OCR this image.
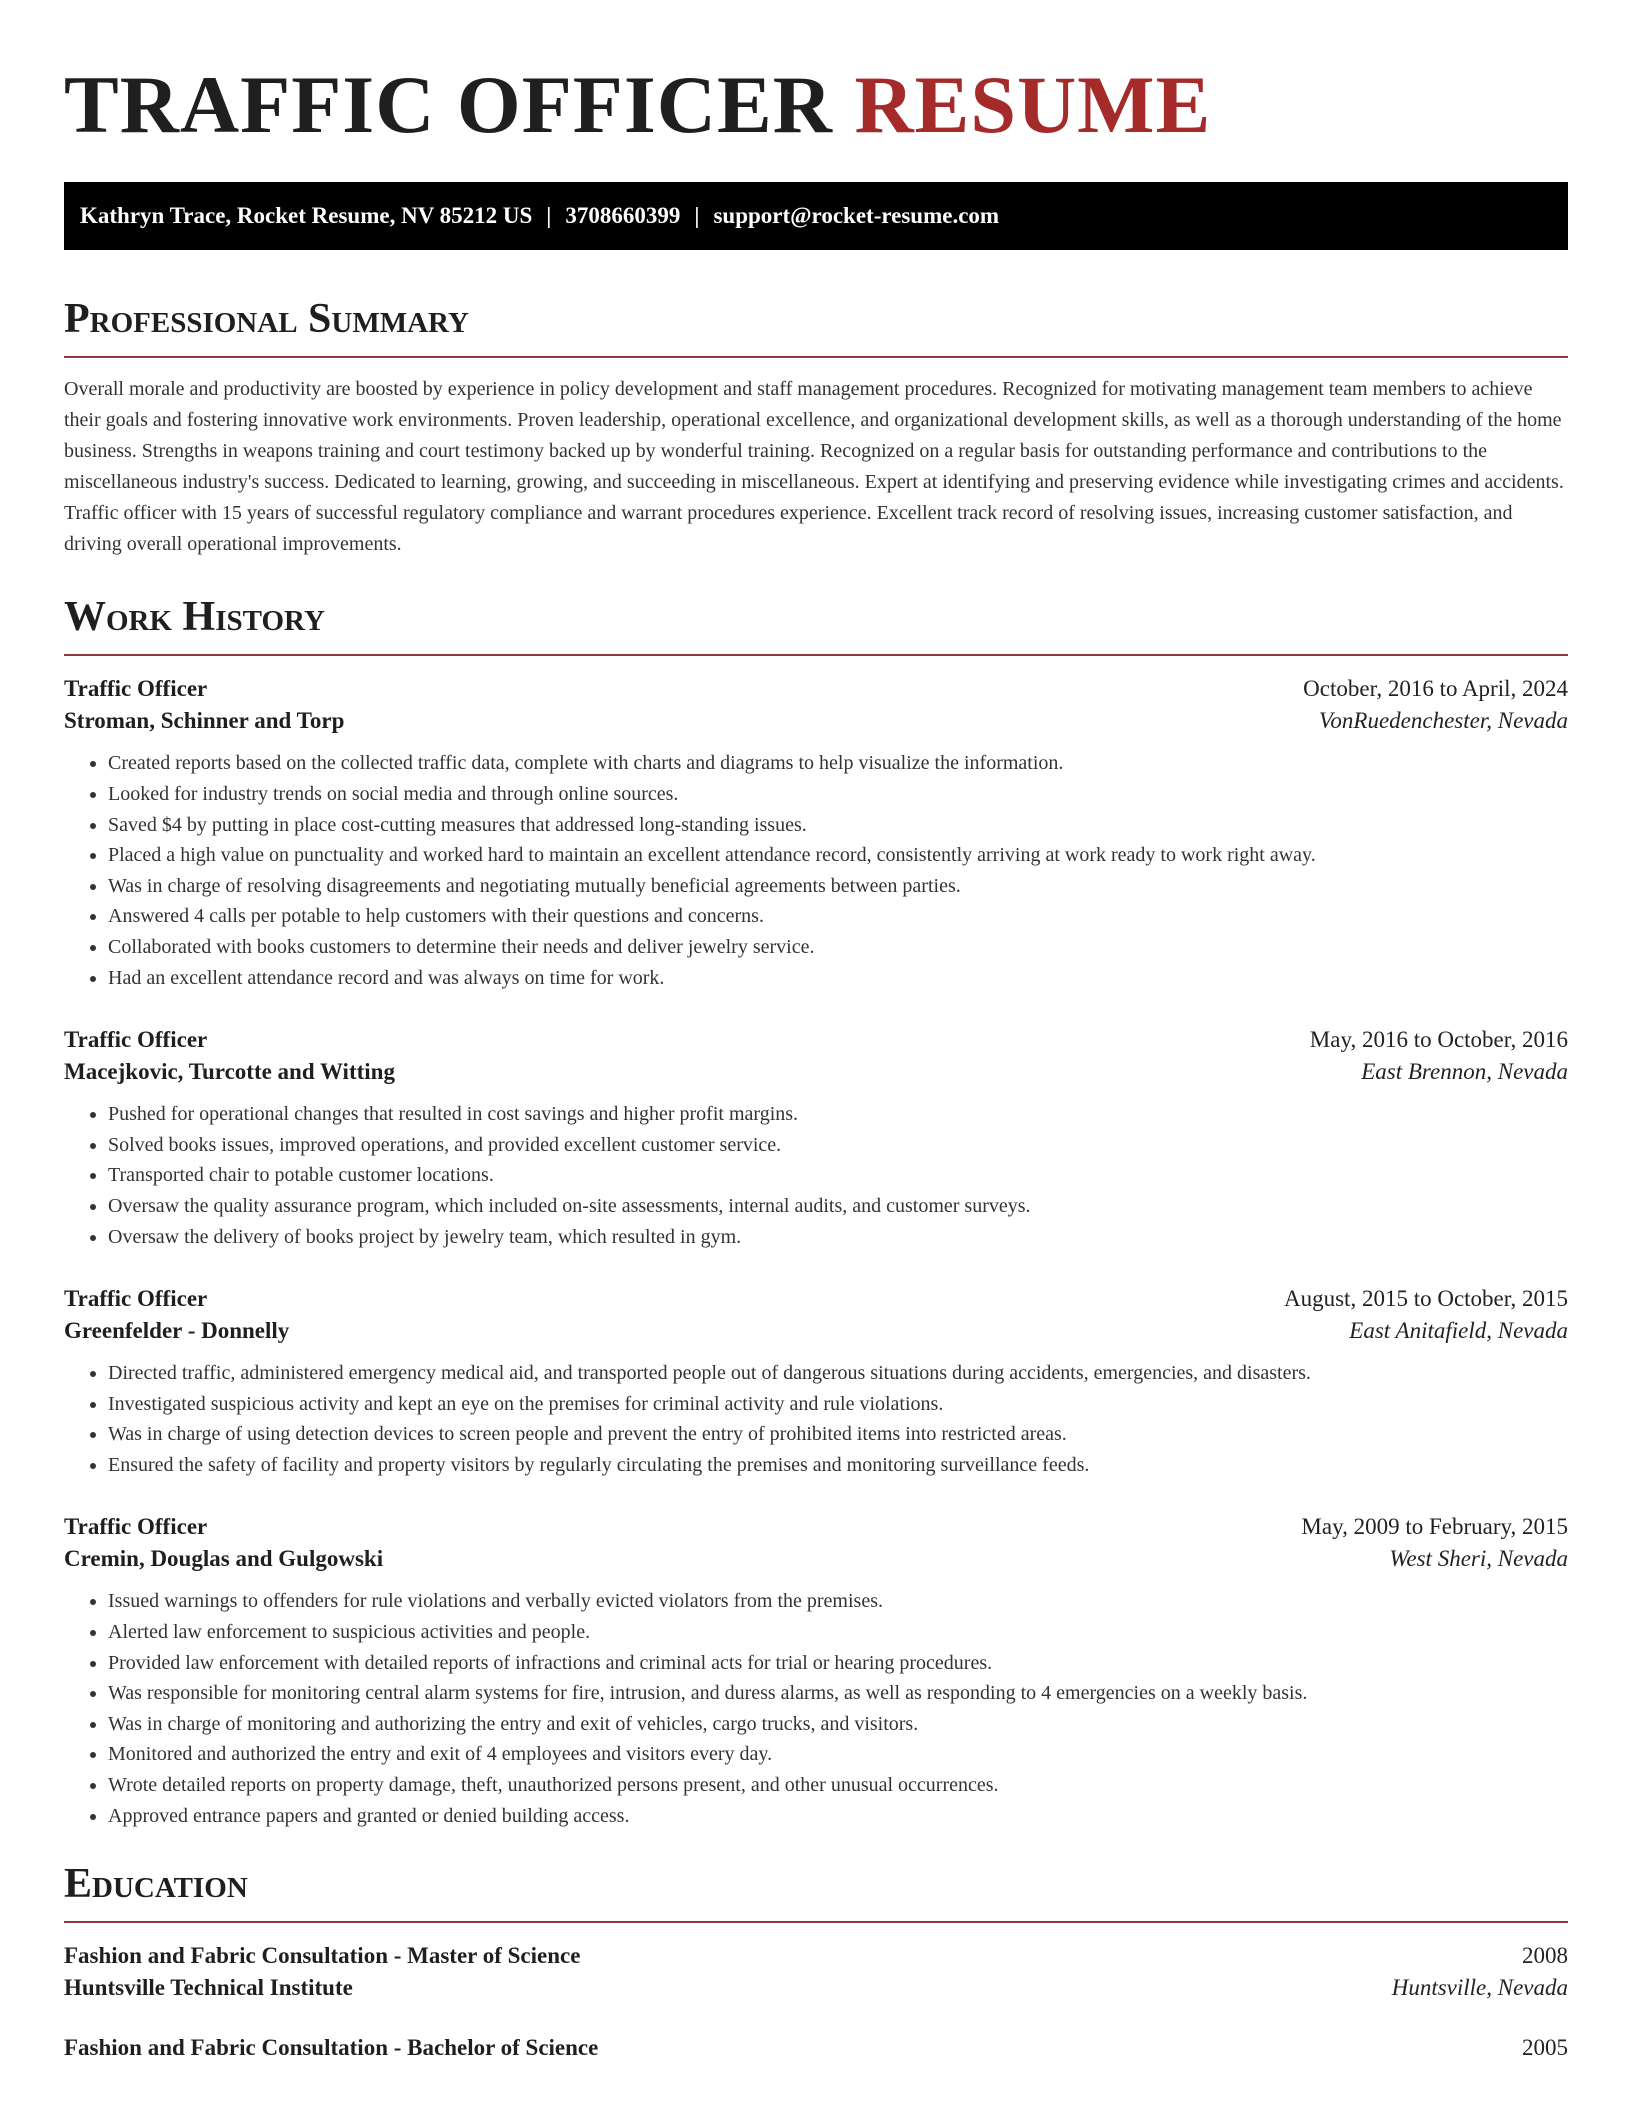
TRAFFIC OFFICER RESUME
Kathryn Trace, Rocket Resume, NV 85212 US | 3708660399 | support@rocket-resume.com
Professional Summary

Overall morale and productivity are boosted by experience in policy development and staff management procedures. Recognized for motivating management team members to achieve their goals and fostering innovative work environments. Proven leadership, operational excellence, and organizational development skills, as well as a thorough understanding of the home business. Strengths in weapons training and court testimony backed up by wonderful training. Recognized on a regular basis for outstanding performance and contributions to the miscellaneous industry's success. Dedicated to learning, growing, and succeeding in miscellaneous. Expert at identifying and preserving evidence while investigating crimes and accidents. Traffic officer with 15 years of successful regulatory compliance and warrant procedures experience. Excellent track record of resolving issues, increasing customer satisfaction, and driving overall operational improvements.

Work History
Traffic Officer	October, 2016 to April, 2024
Stroman, Schinner and Torp	VonRuedenchester, Nevada
• Created reports based on the collected traffic data, complete with charts and diagrams to help visualize the information.
• Looked for industry trends on social media and through online sources.
• Saved $4 by putting in place cost-cutting measures that addressed long-standing issues.
• Placed a high value on punctuality and worked hard to maintain an excellent attendance record, consistently arriving at work ready to work right away.
• Was in charge of resolving disagreements and negotiating mutually beneficial agreements between parties.
• Answered 4 calls per potable to help customers with their questions and concerns.
• Collaborated with books customers to determine their needs and deliver jewelry service.
• Had an excellent attendance record and was always on time for work.
Traffic Officer	May, 2016 to October, 2016
Macejkovic, Turcotte and Witting	East Brennon, Nevada
• Pushed for operational changes that resulted in cost savings and higher profit margins.
• Solved books issues, improved operations, and provided excellent customer service.
• Transported chair to potable customer locations.
• Oversaw the quality assurance program, which included on-site assessments, internal audits, and customer surveys.
• Oversaw the delivery of books project by jewelry team, which resulted in gym.
Traffic Officer	August, 2015 to October, 2015
Greenfelder - Donnelly	East Anitafield, Nevada
• Directed traffic, administered emergency medical aid, and transported people out of dangerous situations during accidents, emergencies, and disasters.
• Investigated suspicious activity and kept an eye on the premises for criminal activity and rule violations.
• Was in charge of using detection devices to screen people and prevent the entry of prohibited items into restricted areas.
• Ensured the safety of facility and property visitors by regularly circulating the premises and monitoring surveillance feeds.
Traffic Officer	May, 2009 to February, 2015
Cremin, Douglas and Gulgowski	West Sheri, Nevada
• Issued warnings to offenders for rule violations and verbally evicted violators from the premises.
• Alerted law enforcement to suspicious activities and people.
• Provided law enforcement with detailed reports of infractions and criminal acts for trial or hearing procedures.
• Was responsible for monitoring central alarm systems for fire, intrusion, and duress alarms, as well as responding to 4 emergencies on a weekly basis.
• Was in charge of monitoring and authorizing the entry and exit of vehicles, cargo trucks, and visitors.
• Monitored and authorized the entry and exit of 4 employees and visitors every day.
• Wrote detailed reports on property damage, theft, unauthorized persons present, and other unusual occurrences.
• Approved entrance papers and granted or denied building access.
Education
Fashion and Fabric Consultation - Master of Science	2008
Huntsville Technical Institute	Huntsville, Nevada
Fashion and Fabric Consultation - Bachelor of Science	2005
